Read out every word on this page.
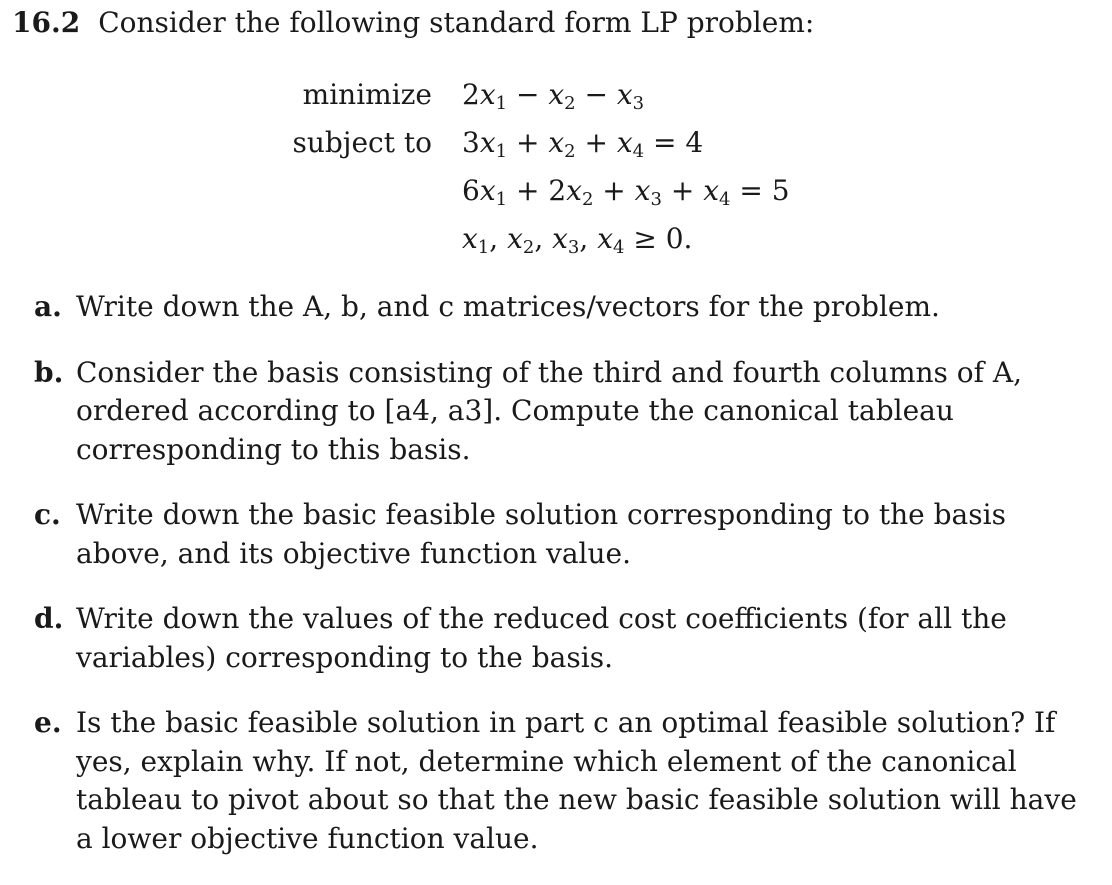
16.2 Consider the following standard form LP problem:
minimize $2x_1 - x_2 - x_3$
subject to $3x_1 + x_2 + x_4 = 4$
$6x_1 + 2x_2 + x_3 + x_4 = 5$
$x_1$, $x_2$, $x_3$, $x_4 \ge 0$.
a. Write down the A, b, and c matrices/vectors for the problem.
b. Consider the basis consisting of the third and fourth columns of A, ordered according to [a4, a3]. Compute the canonical tableau corresponding to this basis.
c. Write down the basic feasible solution corresponding to the basis above, and its objective function value.
d. Write down the values of the reduced cost coefficients (for all the variables) corresponding to the basis.
e. Is the basic feasible solution in part c an optimal feasible solution? If yes, explain why. If not, determine which element of the canonical tableau to pivot about so that the new basic feasible solution will have a lower objective function value.
